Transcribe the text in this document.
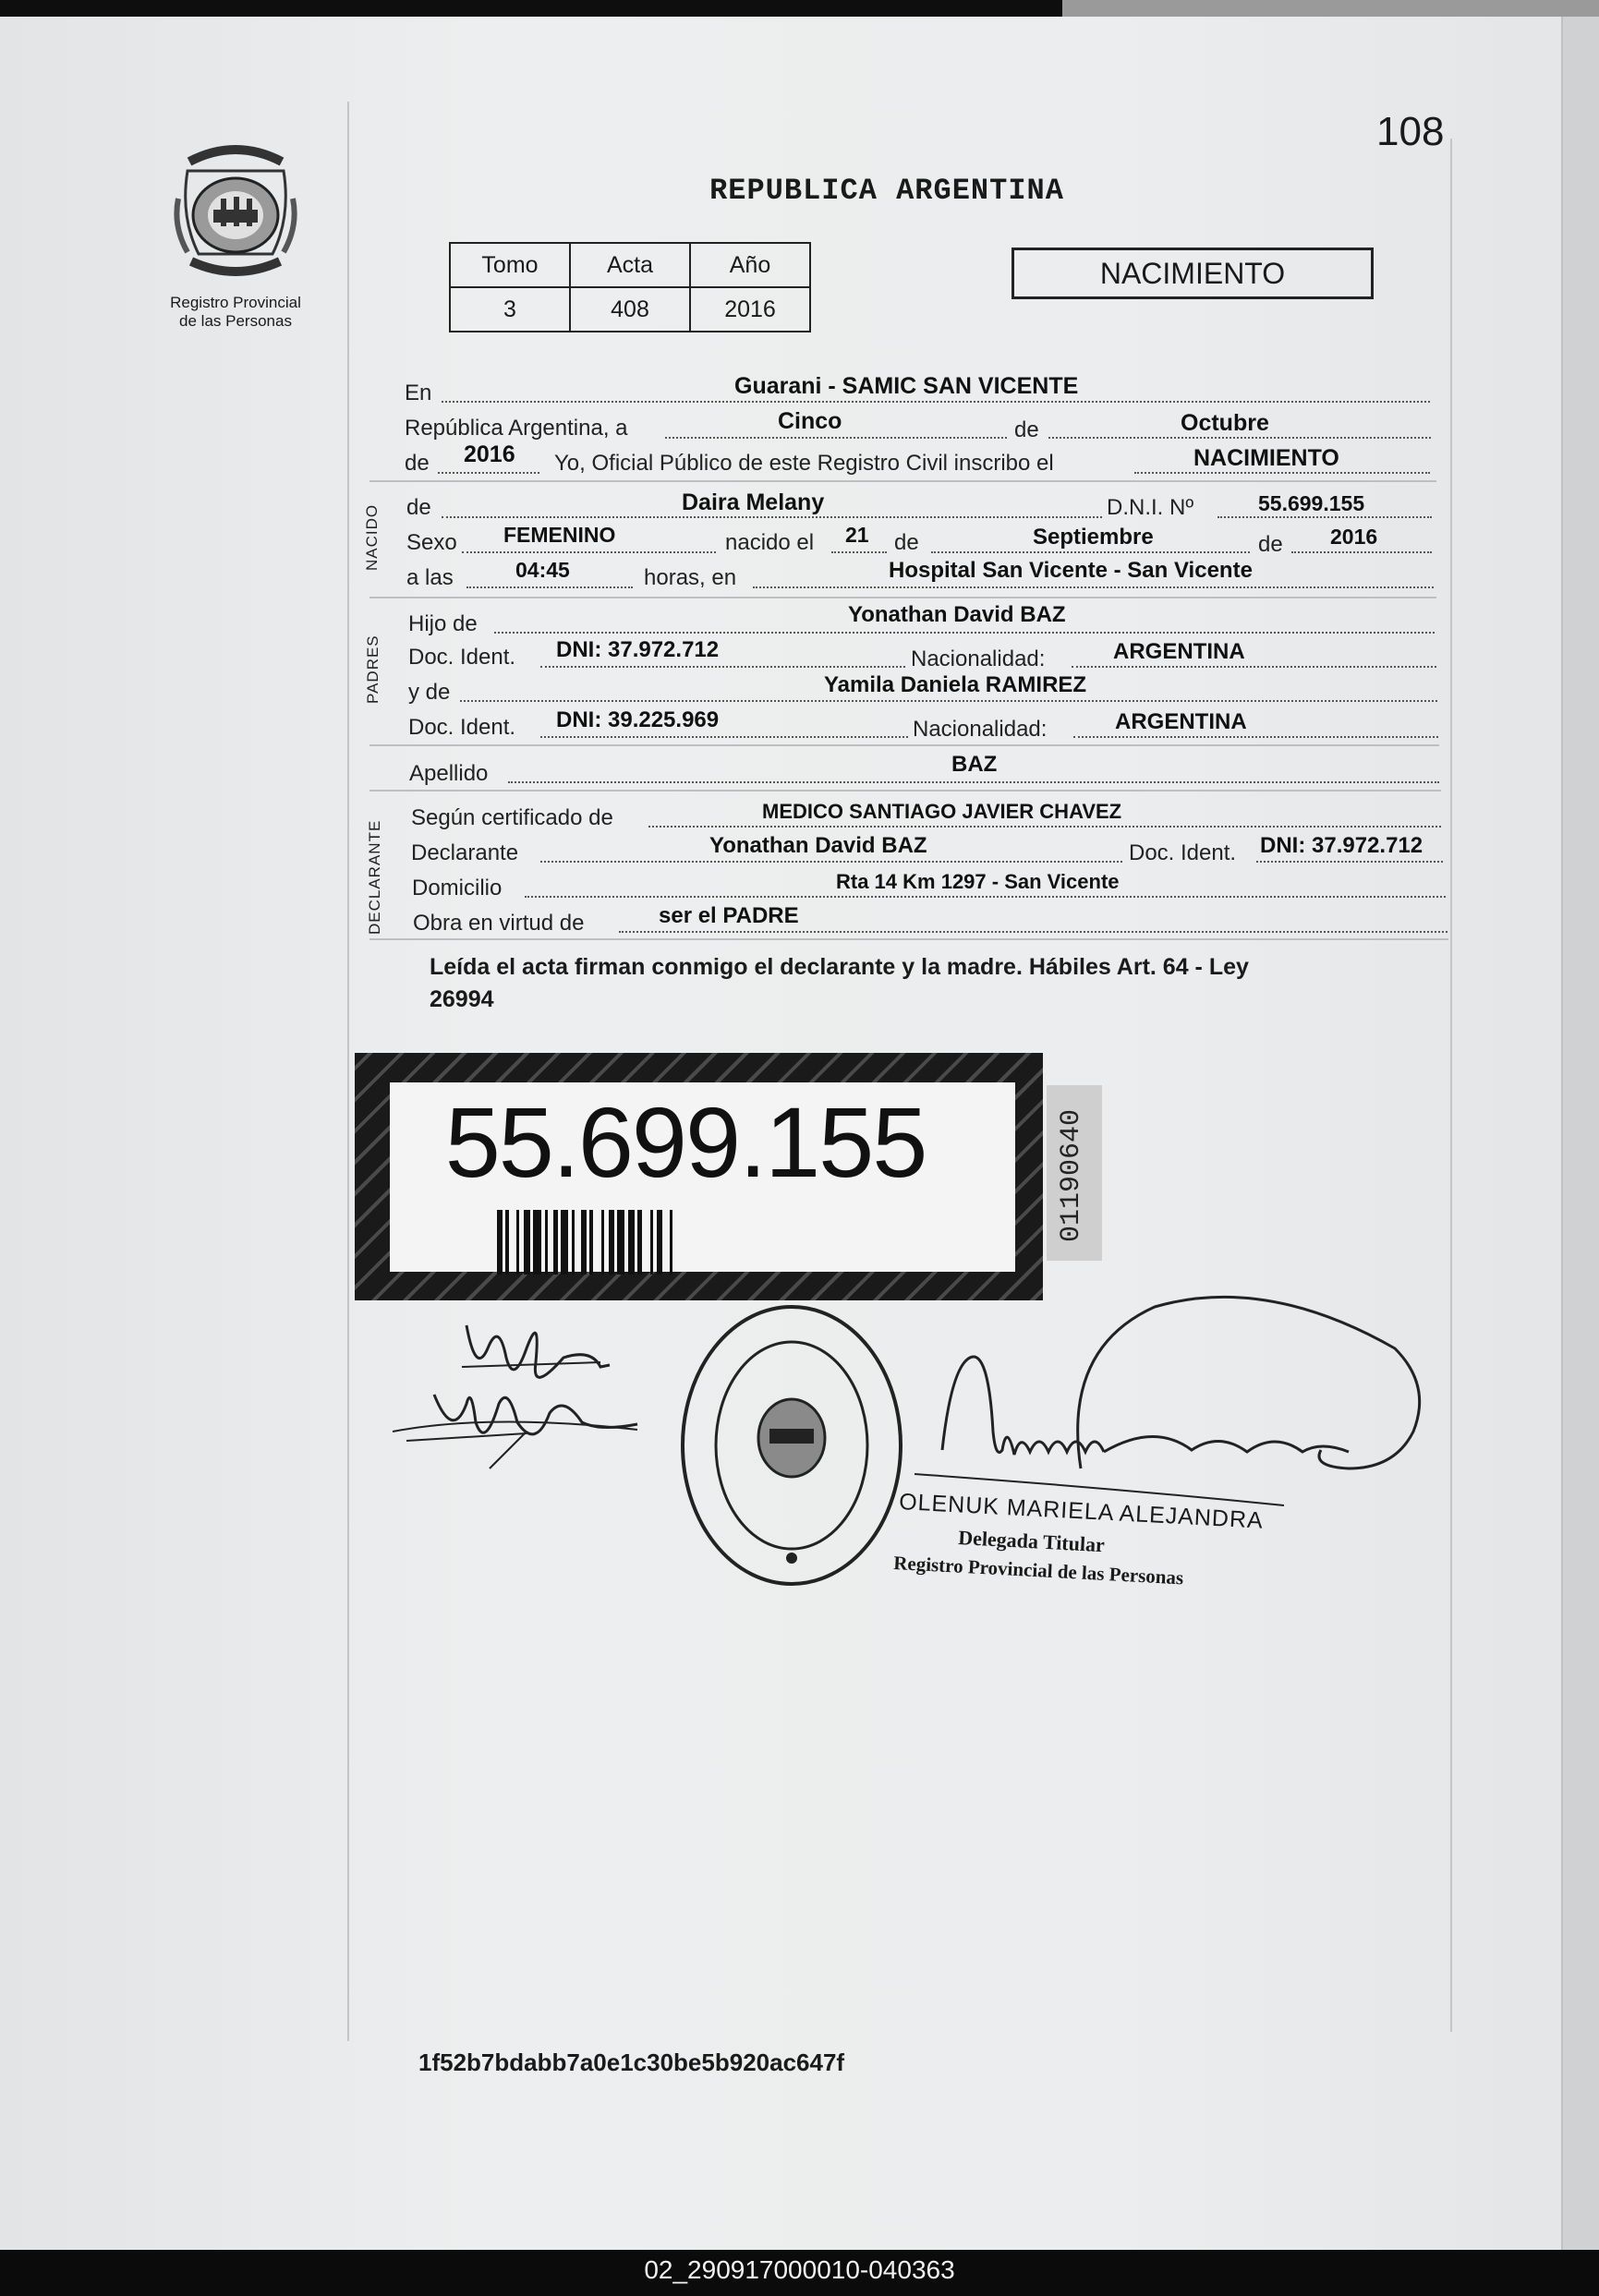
108
Registro Provincial
de las Personas
REPUBLICA ARGENTINA
Tomo	Acta	Año
3	408	2016
NACIMIENTO
En	Guarani - SAMIC SAN VICENTE
República Argentina, a	Cinco	de	Octubre
de 2016 Yo, Oficial Público de este Registro Civil inscribo el	NACIMIENTO
NACIDO de	Daira Melany	D.N.I. Nº	55.699.155
Sexo FEMENINO	nacido el 21 de	Septiembre	de 2016
a las	04:45	horas, en	Hospital San Vicente - San Vicente
PADRES
Hijo de	Yonathan David BAZ
Doc. Ident. DNI: 37.972.712	Nacionalidad:	ARGENTINA
y de	Yamila Daniela RAMIREZ
Doc. Ident. DNI: 39.225.969	Nacionalidad:	ARGENTINA
Apellido	BAZ
DECLARANTE
Según certificado de	MEDICO SANTIAGO JAVIER CHAVEZ
Declarante	Yonathan David BAZ	Doc. Ident. DNI: 37.972.712
Domicilio	Rta 14 Km 1297 - San Vicente
Obra en virtud de	ser el PADRE
Leída el acta firman conmigo el declarante y la madre. Hábiles Art. 64 - Ley
26994
55.699.155	01190640
OLENUK MARIELA ALEJANDRA
Delegada Titular
Registro Provincial de las Personas
1f52b7bdabb7a0e1c30be5b920ac647f
02_290917000010-040363
